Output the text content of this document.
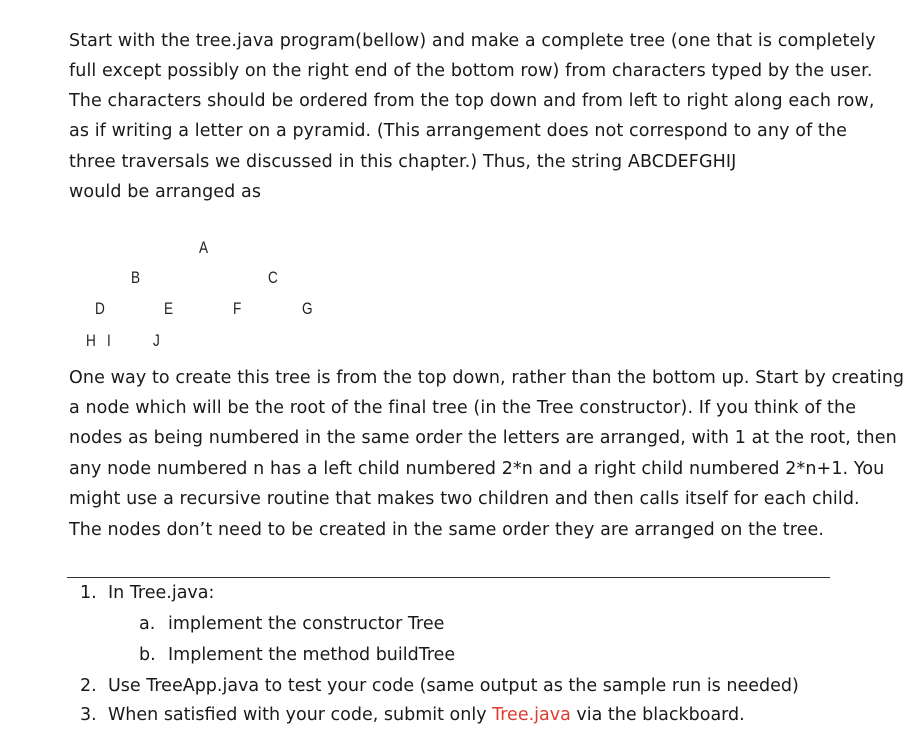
Start with the tree.java program(bellow) and make a complete tree (one that is completely
full except possibly on the right end of the bottom row) from characters typed by the user.
The characters should be ordered from the top down and from left to right along each row,
as if writing a letter on a pyramid. (This arrangement does not correspond to any of the
three traversals we discussed in this chapter.) Thus, the string ABCDEFGHIJ
would be arranged as
A
B	C
D	E	F	G
H I J
One way to create this tree is from the top down, rather than the bottom up. Start by creating
a node which will be the root of the final tree (in the Tree constructor). If you think of the
nodes as being numbered in the same order the letters are arranged, with 1 at the root, then
any node numbered n has a left child numbered 2*n and a right child numbered 2*n+1. You
might use a recursive routine that makes two children and then calls itself for each child.
The nodes don’t need to be created in the same order they are arranged on the tree.
1. In Tree.java:
a. implement the constructor Tree
b. Implement the method buildTree
2. Use TreeApp.java to test your code (same output as the sample run is needed)
3. When satisfied with your code, submit only Tree.java via the blackboard.
